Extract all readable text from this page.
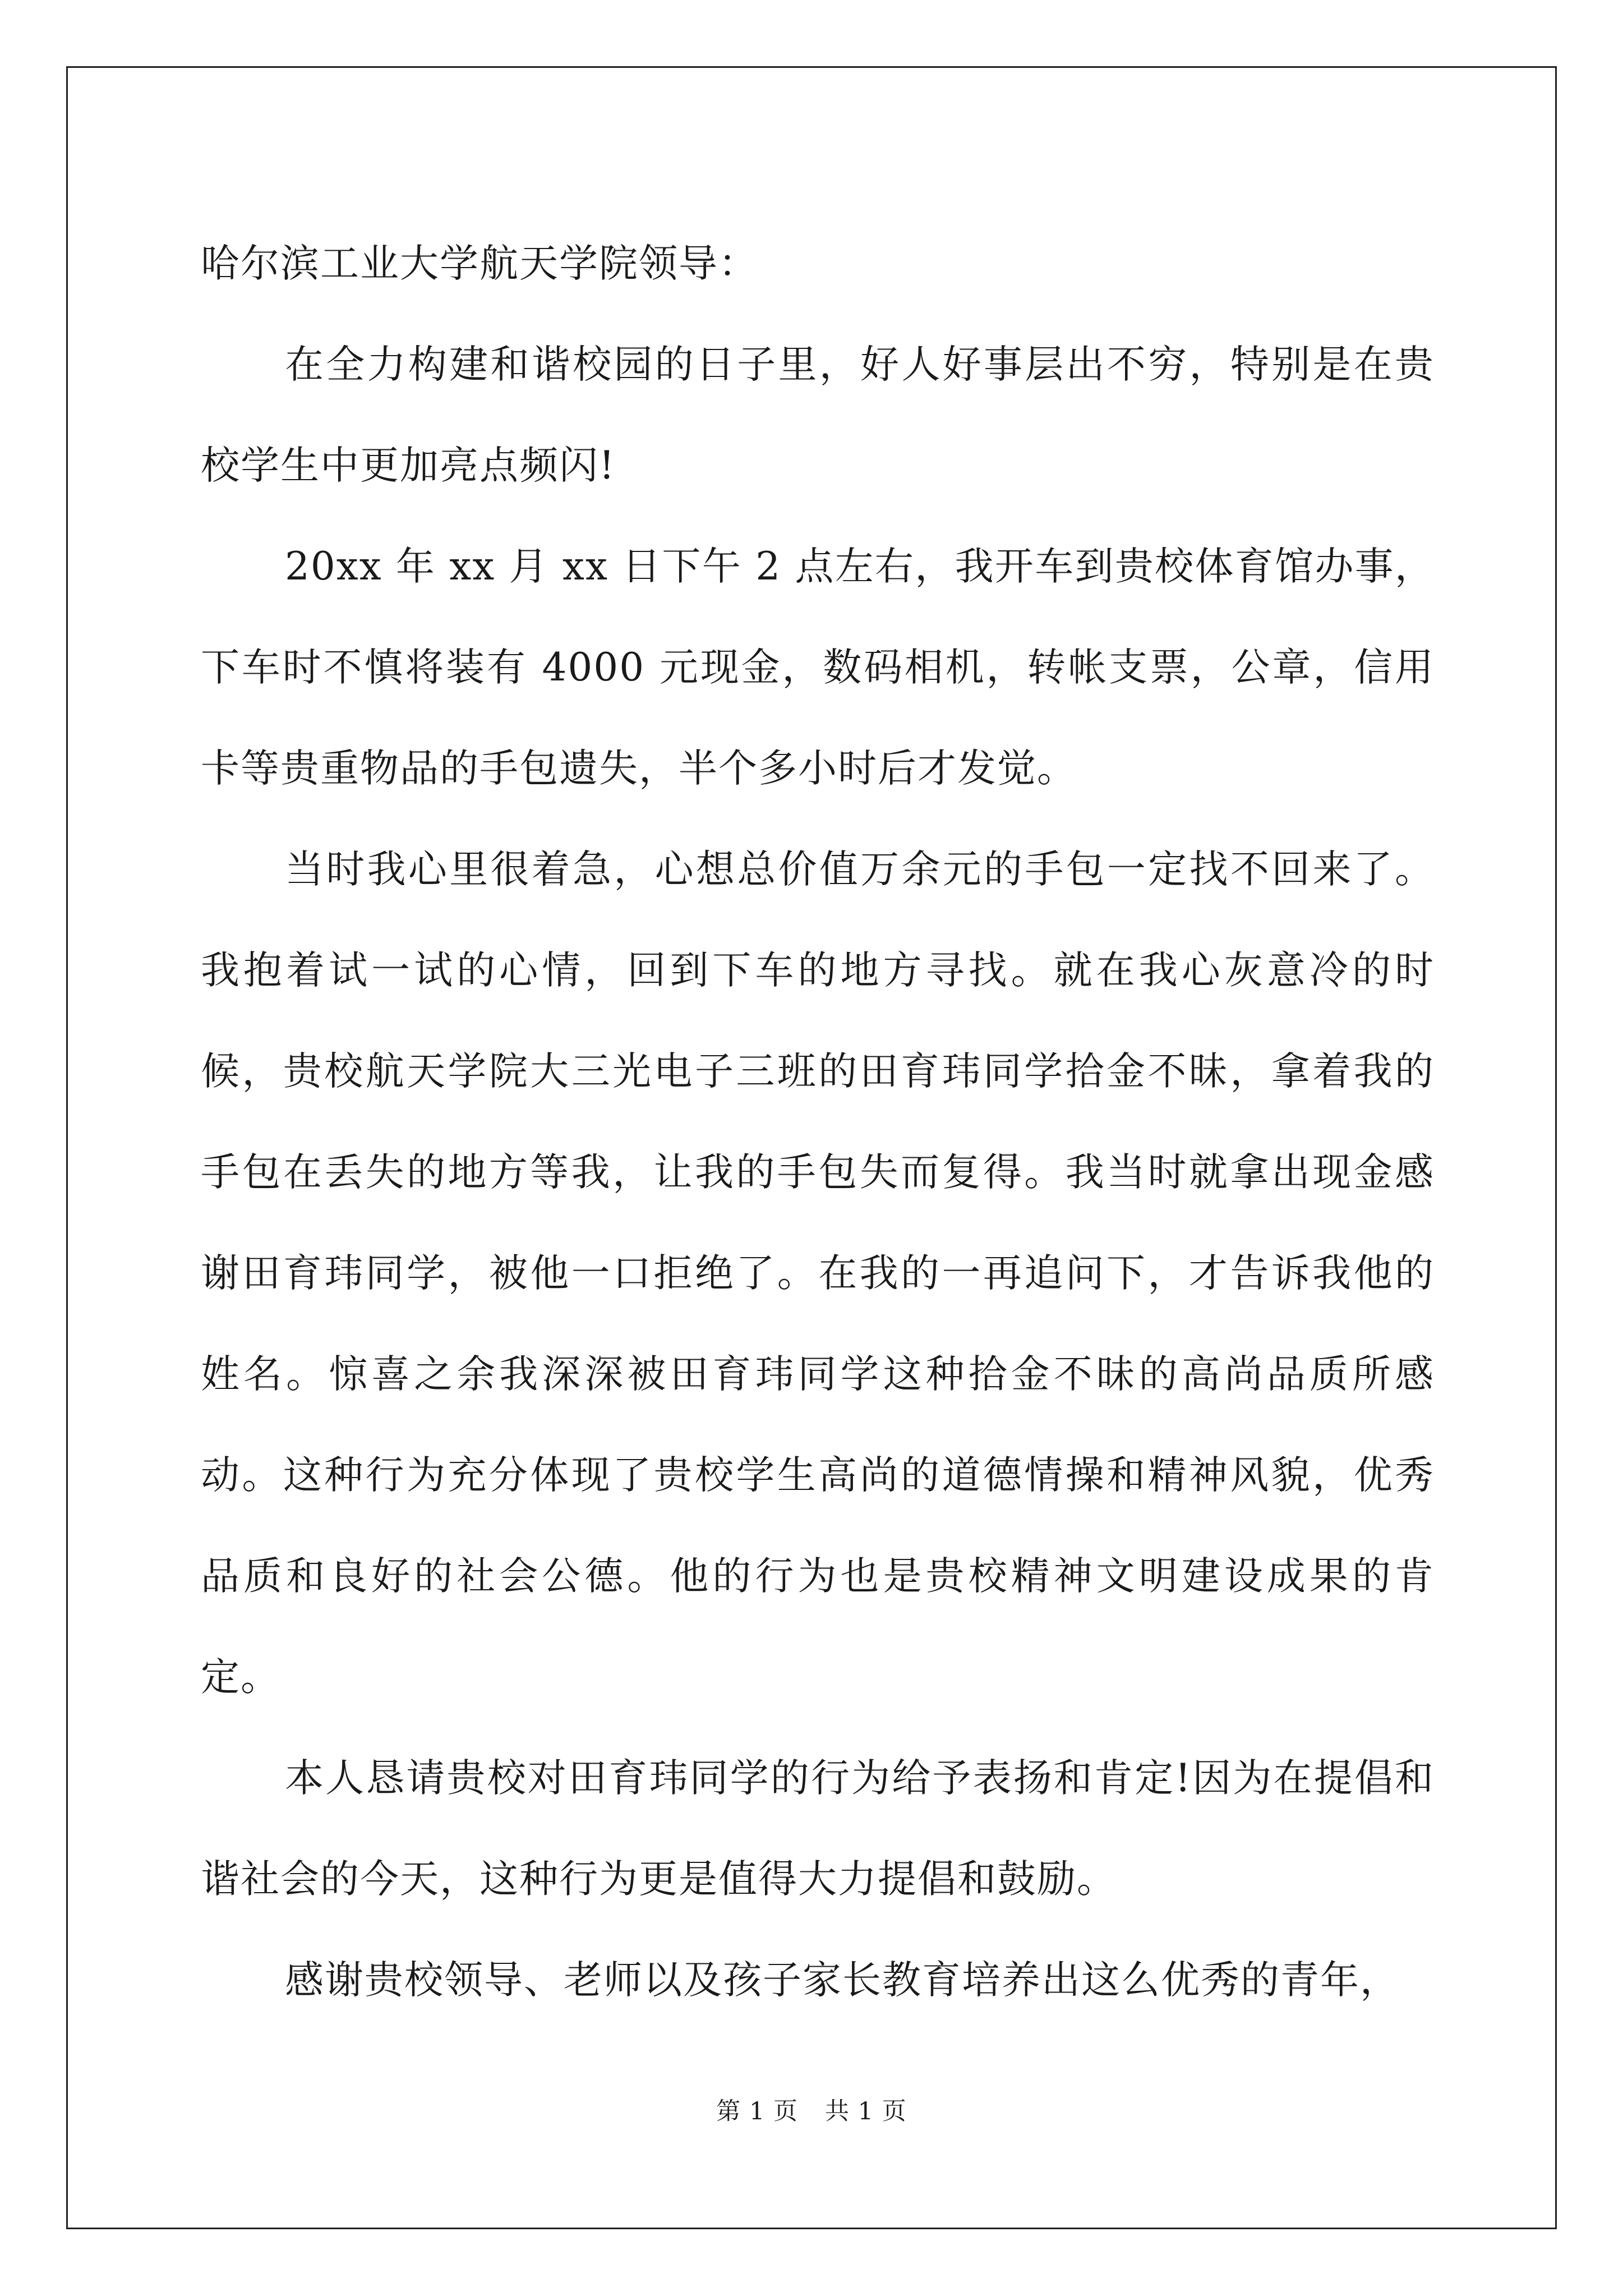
哈尔滨工业大学航天学院领导：

在全力构建和谐校园的日子里，好人好事层出不穷，特别是在贵校学生中更加亮点频闪!

20xx 年 xx 月 xx 日下午 2 点左右，我开车到贵校体育馆办事，下车时不慎将装有 4000 元现金，数码相机，转帐支票，公章，信用卡等贵重物品的手包遗失，半个多小时后才发觉。

当时我心里很着急，心想总价值万余元的手包一定找不回来了。我抱着试一试的心情，回到下车的地方寻找。就在我心灰意冷的时候，贵校航天学院大三光电子三班的田育玮同学拾金不昧，拿着我的手包在丢失的地方等我，让我的手包失而复得。我当时就拿出现金感谢田育玮同学，被他一口拒绝了。在我的一再追问下，才告诉我他的姓名。惊喜之余我深深被田育玮同学这种拾金不昧的高尚品质所感动。这种行为充分体现了贵校学生高尚的道德情操和精神风貌，优秀品质和良好的社会公德。他的行为也是贵校精神文明建设成果的肯定。

本人恳请贵校对田育玮同学的行为给予表扬和肯定!因为在提倡和谐社会的今天，这种行为更是值得大力提倡和鼓励。

感谢贵校领导、老师以及孩子家长教育培养出这么优秀的青年，

第 1 页 共 1 页
